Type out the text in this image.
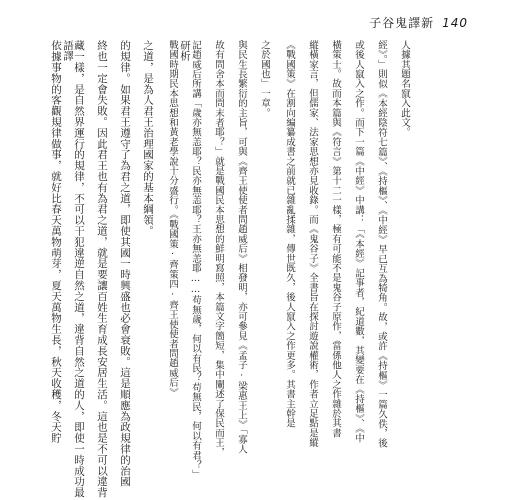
子谷鬼譯新 140
語譯
依據事物的客觀規律做事，就好比春天萬物萌芽，夏天萬物生長，秋天收穫，冬天貯 藏一樣，是自然界運行的規律，不可以干犯違逆自然之道，違背自然之道的人，即使一時成功最 終也一定會失敗。因此君王也有為君之道，就是要讓百姓生育成長安居生活。這也是不可以違背 的規律。如果君王遵守了為君之道，即使其國一時興盛也必會衰敗。這是順應為政規律的治國 之道，是為人君王治理國家的基本綱領。 研析
戰國時期民本思想和黃老學說十分盛行。《戰國策·齊策四·齊王使使者問趙威后》 記趙威后所講「歲亦無恙耶？民亦無恙耶？王亦無恙耶……苟無歲，何以有民？苟無民，何以有君？」 故有問舍本而問末者耶？」就是戰國民本思想的鮮明寫照，本篇文字簡短，集中闡述了保民而王， 與民生長繁衍的主旨，可與《齊王使使者問趙威后》相發明，亦可參見《孟子·梁惠王上》「寡人 之於國也」一章。 《戰國策》在割向編纂成書之前就已雜亂揉雜，傳世既久，後人竄入之作更多。其書主幹是 縱橫家言，但儒家、法家思想亦見收錄。而《鬼谷子》全書旨在探討遊說權術，作者立足點是縱 橫策士。故而本篇與《符言》第十二一樣，極有可能不是鬼谷子原作，當係他人之作雜於其書 或後人竄入之作。而下一篇《中經》中講：「《本經》記事者，紀道數，其變要在《持樞》、《中 經》。」則似《本經陰符七篇》、《持樞》、《中經》早已互為犄角。故，或許《持樞》一篇久佚，後 人據其題名竄入此文。
